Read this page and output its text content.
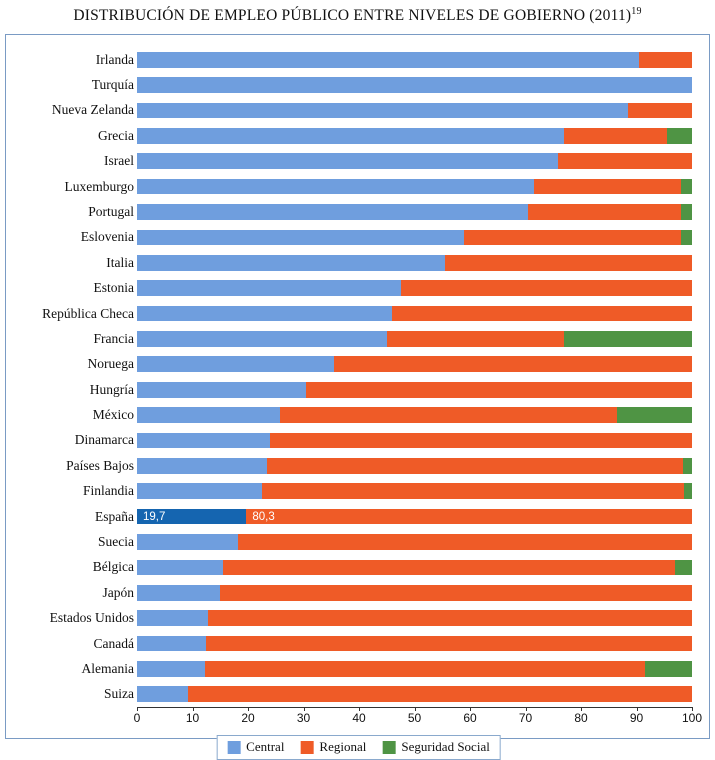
DISTRIBUCIÓN DE EMPLEO PÚBLICO ENTRE NIVELES DE GOBIERNO $(2011)^{19}$
Irlanda
Turquía
Nueva Zelanda
Grecia
Israel
Luxemburgo
Portugal
Eslovenia
Italia
Estonia
República Checa
Francia
Noruega
Hungría
México
Dinamarca
Países Bajos
Finlandia
España
Suecia
Bélgica
Japón
Estados Unidos
Canadá
Alemania
Suiza
19,7	80,3
0	10	20	30	40	50	60	70	80	90	100
Central	Regional	Seguridad Social
